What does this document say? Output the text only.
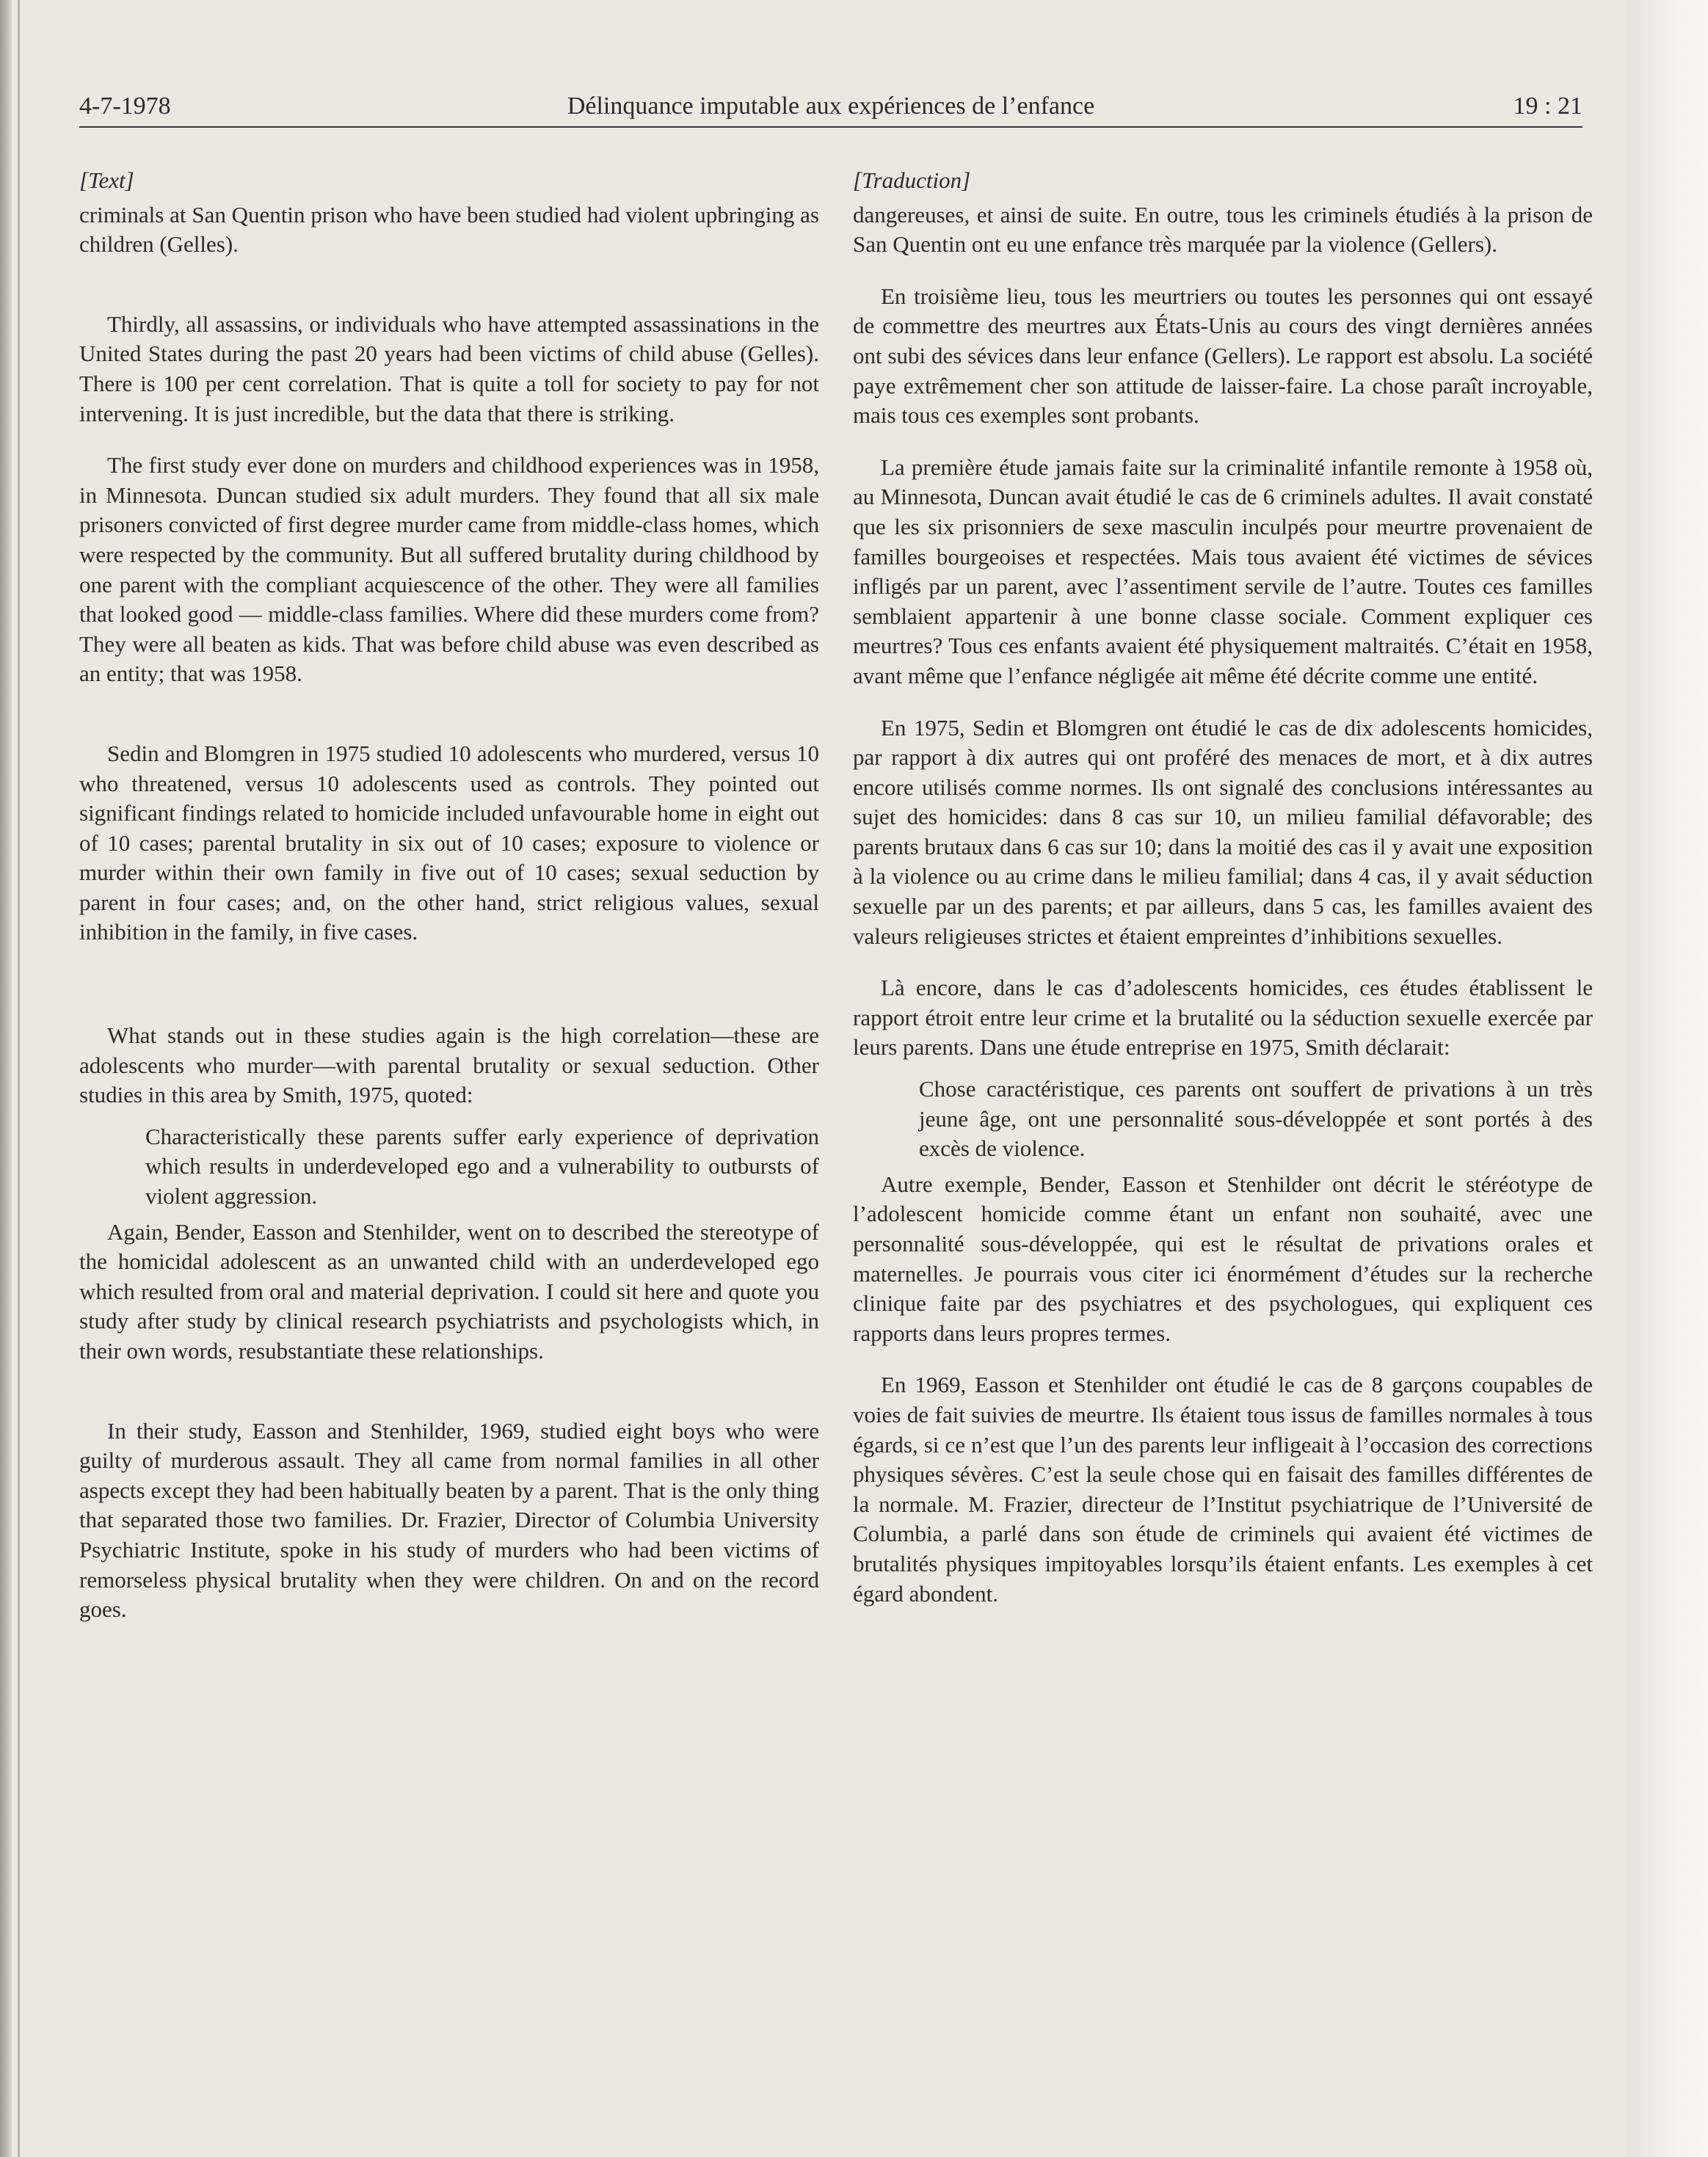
4-7-1978	Délinquance imputable aux expériences de l’enfance	19 : 21
[Text]

criminals at San Quentin prison who have been studied had violent upbringing as children (Gelles).

Thirdly, all assassins, or individuals who have attempted assassinations in the United States during the past 20 years had been victims of child abuse (Gelles). There is 100 per cent correlation. That is quite a toll for society to pay for not intervening. It is just incredible, but the data that there is striking.

The first study ever done on murders and childhood experiences was in 1958, in Minnesota. Duncan studied six adult murders. They found that all six male prisoners convicted of first degree murder came from middle-class homes, which were respected by the community. But all suffered brutality during childhood by one parent with the compliant acquiescence of the other. They were all families that looked good — middle-class families. Where did these murders come from? They were all beaten as kids. That was before child abuse was even described as an entity; that was 1958.

Sedin and Blomgren in 1975 studied 10 adolescents who murdered, versus 10 who threatened, versus 10 adolescents used as controls. They pointed out significant findings related to homicide included unfavourable home in eight out of 10 cases; parental brutality in six out of 10 cases; exposure to violence or murder within their own family in five out of 10 cases; sexual seduction by parent in four cases; and, on the other hand, strict religious values, sexual inhibition in the family, in five cases.

What stands out in these studies again is the high correlation—these are adolescents who murder—with parental brutality or sexual seduction. Other studies in this area by Smith, 1975, quoted:

Characteristically these parents suffer early experience of deprivation which results in underdeveloped ego and a vulnerability to outbursts of violent aggression.

Again, Bender, Easson and Stenhilder, went on to described the stereotype of the homicidal adolescent as an unwanted child with an underdeveloped ego which resulted from oral and material deprivation. I could sit here and quote you study after study by clinical research psychiatrists and psychologists which, in their own words, resubstantiate these relationships.

In their study, Easson and Stenhilder, 1969, studied eight boys who were guilty of murderous assault. They all came from normal families in all other aspects except they had been habitually beaten by a parent. That is the only thing that separated those two families. Dr. Frazier, Director of Columbia University Psychiatric Institute, spoke in his study of murders who had been victims of remorseless physical brutality when they were children. On and on the record goes.

[Traduction]

dangereuses, et ainsi de suite. En outre, tous les criminels étudiés à la prison de San Quentin ont eu une enfance très marquée par la violence (Gellers).

En troisième lieu, tous les meurtriers ou toutes les personnes qui ont essayé de commettre des meurtres aux États-Unis au cours des vingt dernières années ont subi des sévices dans leur enfance (Gellers). Le rapport est absolu. La société paye extrêmement cher son attitude de laisser-faire. La chose paraît incroyable, mais tous ces exemples sont probants.

La première étude jamais faite sur la criminalité infantile remonte à 1958 où, au Minnesota, Duncan avait étudié le cas de 6 criminels adultes. Il avait constaté que les six prisonniers de sexe masculin inculpés pour meurtre provenaient de familles bourgeoises et respectées. Mais tous avaient été victimes de sévices infligés par un parent, avec l’assentiment servile de l’autre. Toutes ces familles semblaient appartenir à une bonne classe sociale. Comment expliquer ces meurtres? Tous ces enfants avaient été physiquement maltraités. C’était en 1958, avant même que l’enfance négligée ait même été décrite comme une entité.

En 1975, Sedin et Blomgren ont étudié le cas de dix adolescents homicides, par rapport à dix autres qui ont proféré des menaces de mort, et à dix autres encore utilisés comme normes. Ils ont signalé des conclusions intéressantes au sujet des homicides: dans 8 cas sur 10, un milieu familial défavorable; des parents brutaux dans 6 cas sur 10; dans la moitié des cas il y avait une exposition à la violence ou au crime dans le milieu familial; dans 4 cas, il y avait séduction sexuelle par un des parents; et par ailleurs, dans 5 cas, les familles avaient des valeurs religieuses strictes et étaient empreintes d’inhibitions sexuelles.

Là encore, dans le cas d’adolescents homicides, ces études établissent le rapport étroit entre leur crime et la brutalité ou la séduction sexuelle exercée par leurs parents. Dans une étude entreprise en 1975, Smith déclarait:

Chose caractéristique, ces parents ont souffert de privations à un très jeune âge, ont une personnalité sous-développée et sont portés à des excès de violence.

Autre exemple, Bender, Easson et Stenhilder ont décrit le stéréotype de l’adolescent homicide comme étant un enfant non souhaité, avec une personnalité sous-développée, qui est le résultat de privations orales et maternelles. Je pourrais vous citer ici énormément d’études sur la recherche clinique faite par des psychiatres et des psychologues, qui expliquent ces rapports dans leurs propres termes.

En 1969, Easson et Stenhilder ont étudié le cas de 8 garçons coupables de voies de fait suivies de meurtre. Ils étaient tous issus de familles normales à tous égards, si ce n’est que l’un des parents leur infligeait à l’occasion des corrections physiques sévères. C’est la seule chose qui en faisait des familles différentes de la normale. M. Frazier, directeur de l’Institut psychiatrique de l’Université de Columbia, a parlé dans son étude de criminels qui avaient été victimes de brutalités physiques impitoyables lorsqu’ils étaient enfants. Les exemples à cet égard abondent.
